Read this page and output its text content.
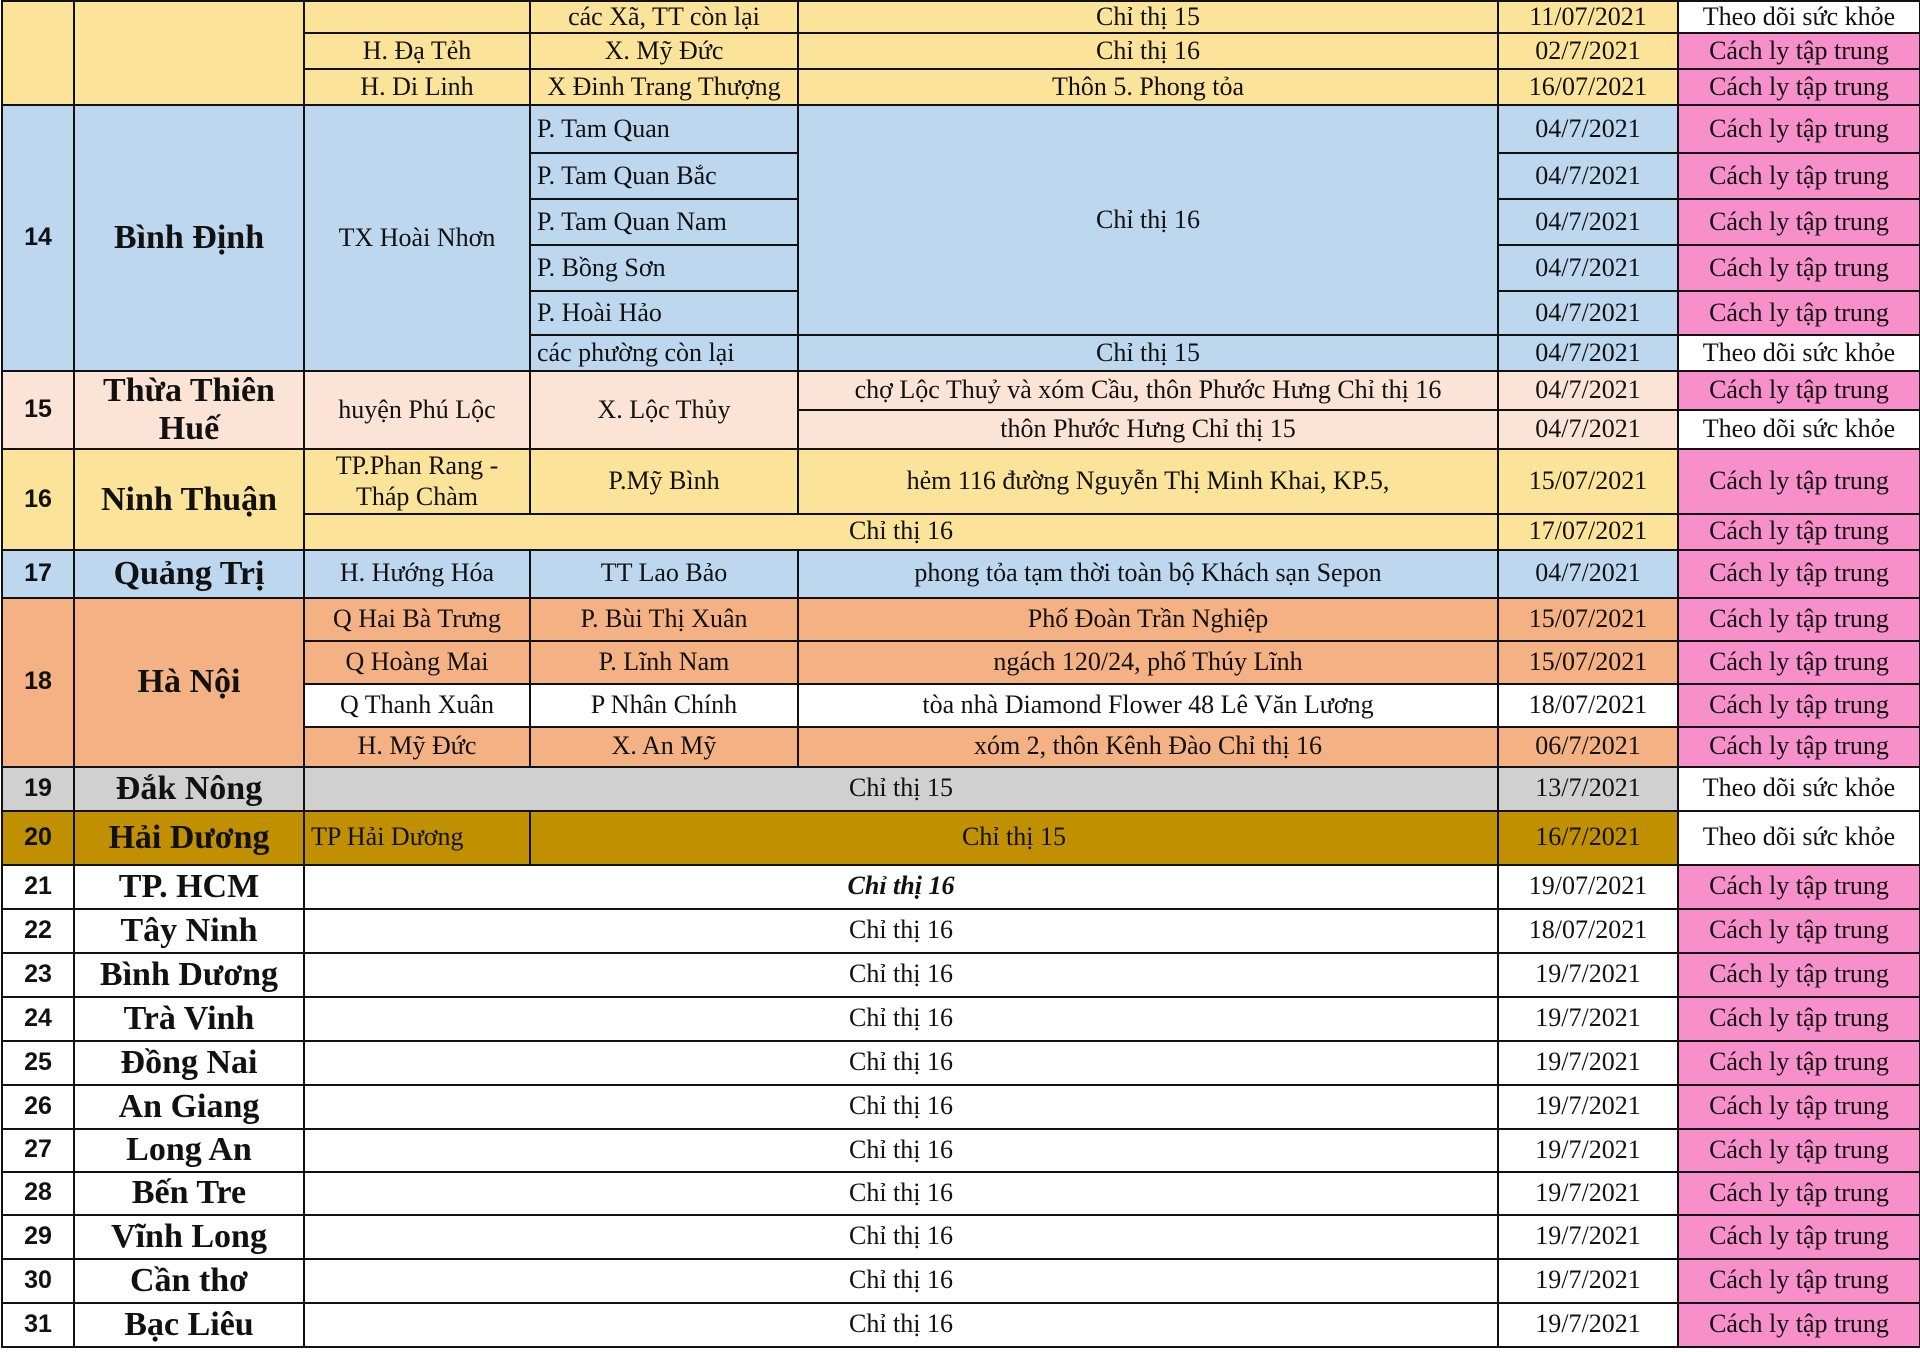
			các Xã, TT còn lại	Chỉ thị 15	11/07/2021	Theo dõi sức khỏe
		H. Đạ Tẻh	X. Mỹ Đức	Chỉ thị 16	02/7/2021	Cách ly tập trung
		H. Di Linh	X Đinh Trang Thượng	Thôn 5. Phong tỏa	16/07/2021	Cách ly tập trung
14	Bình Định	TX Hoài Nhơn	P. Tam Quan	Chỉ thị 16	04/7/2021	Cách ly tập trung
			P. Tam Quan Bắc		04/7/2021	Cách ly tập trung
			P. Tam Quan Nam		04/7/2021	Cách ly tập trung
			P. Bồng Sơn		04/7/2021	Cách ly tập trung
			P. Hoài Hảo		04/7/2021	Cách ly tập trung
			các phường còn lại	Chỉ thị 15	04/7/2021	Theo dõi sức khỏe
15	Thừa Thiên Huế	huyện Phú Lộc	X. Lộc Thủy	chợ Lộc Thuỷ và xóm Cầu, thôn Phước Hưng Chỉ thị 16	04/7/2021	Cách ly tập trung
				thôn Phước Hưng Chỉ thị 15	04/7/2021	Theo dõi sức khỏe
16	Ninh Thuận	TP.Phan Rang - Tháp Chàm	P.Mỹ Bình	hẻm 116 đường Nguyễn Thị Minh Khai, KP.5,	15/07/2021	Cách ly tập trung
		Chỉ thị 16			17/07/2021	Cách ly tập trung
17	Quảng Trị	H. Hướng Hóa	TT Lao Bảo	phong tỏa tạm thời toàn bộ Khách sạn Sepon	04/7/2021	Cách ly tập trung
18	Hà Nội	Q Hai Bà Trưng	P. Bùi Thị Xuân	Phố Đoàn Trần Nghiệp	15/07/2021	Cách ly tập trung
		Q Hoàng Mai	P. Lĩnh Nam	ngách 120/24, phố Thúy Lĩnh	15/07/2021	Cách ly tập trung
		Q Thanh Xuân	P Nhân Chính	tòa nhà Diamond Flower 48 Lê Văn Lương	18/07/2021	Cách ly tập trung
		H. Mỹ Đức	X. An Mỹ	xóm 2, thôn Kênh Đào Chỉ thị 16	06/7/2021	Cách ly tập trung
19	Đắk Nông	Chỉ thị 15			13/7/2021	Theo dõi sức khỏe
20	Hải Dương	TP Hải Dương	Chỉ thị 15		16/7/2021	Theo dõi sức khỏe
21	TP. HCM	Chỉ thị 16			19/07/2021	Cách ly tập trung
22	Tây Ninh	Chỉ thị 16			18/07/2021	Cách ly tập trung
23	Bình Dương	Chỉ thị 16			19/7/2021	Cách ly tập trung
24	Trà Vinh	Chỉ thị 16			19/7/2021	Cách ly tập trung
25	Đồng Nai	Chỉ thị 16			19/7/2021	Cách ly tập trung
26	An Giang	Chỉ thị 16			19/7/2021	Cách ly tập trung
27	Long An	Chỉ thị 16			19/7/2021	Cách ly tập trung
28	Bến Tre	Chỉ thị 16			19/7/2021	Cách ly tập trung
29	Vĩnh Long	Chỉ thị 16			19/7/2021	Cách ly tập trung
30	Cần thơ	Chỉ thị 16			19/7/2021	Cách ly tập trung
31	Bạc Liêu	Chỉ thị 16			19/7/2021	Cách ly tập trung
